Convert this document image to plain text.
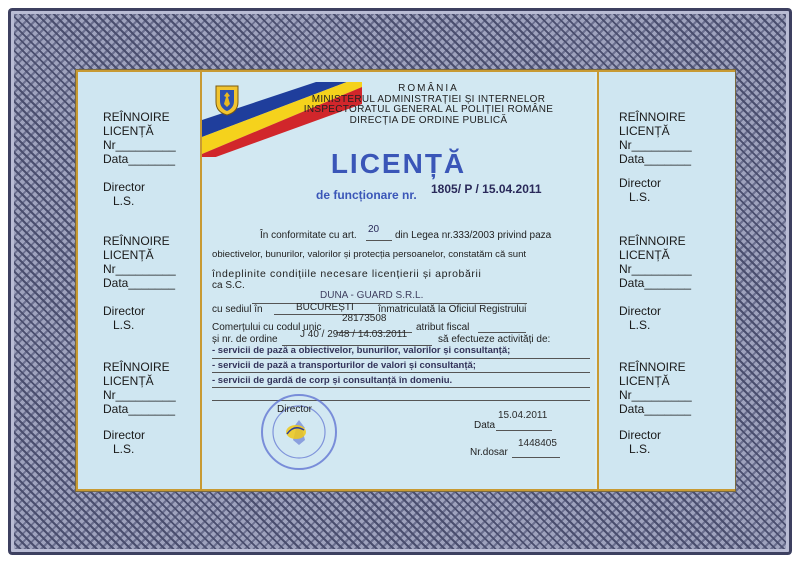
REÎNNOIRE
LICENȚĂ
Nr_________
Data_______
Director
L.S.
REÎNNOIRE
LICENȚĂ
Nr_________
Data_______
Director
L.S.
REÎNNOIRE
LICENȚĂ
Nr_________
Data_______
Director
L.S.
REÎNNOIRE
LICENȚĂ
Nr_________
Data_______
Director
L.S.
REÎNNOIRE
LICENȚĂ
Nr_________
Data_______
Director
L.S.
REÎNNOIRE
LICENȚĂ
Nr_________
Data_______
Director
L.S.
ROMÂNIA
MINISTERUL ADMINISTRAȚIEI ȘI INTERNELOR
INSPECTORATUL GENERAL AL POLIȚIEI ROMÂNE
DIRECȚIA DE ORDINE PUBLICĂ
LICENȚĂ
de funcționare nr. 1805/ P / 15.04.2011
În conformitate cu art.
20
din Legea nr.333/2003 privind paza
obiectivelor, bunurilor, valorilor și protecția persoanelor, constatăm că sunt
îndeplinite condițiile necesare licențierii și aprobării
ca S.C.
DUNA - GUARD S.R.L.
cu sediul în	BUCUREȘTI înmatriculată la Oficiul Registrului
Comerțului cu codul unic
28173508
atribut fiscal
și nr. de ordine J 40 / 2948 / 14.03.2011	să efectueze activități de:
- servicii de pază a obiectivelor, bunurilor, valorilor și consultanță;
- servicii de pază a transporturilor de valori și consultanță;
- servicii de gardă de corp și consultanță în domeniu.
Director
Data
15.04.2011
Nr.dosar
1448405
